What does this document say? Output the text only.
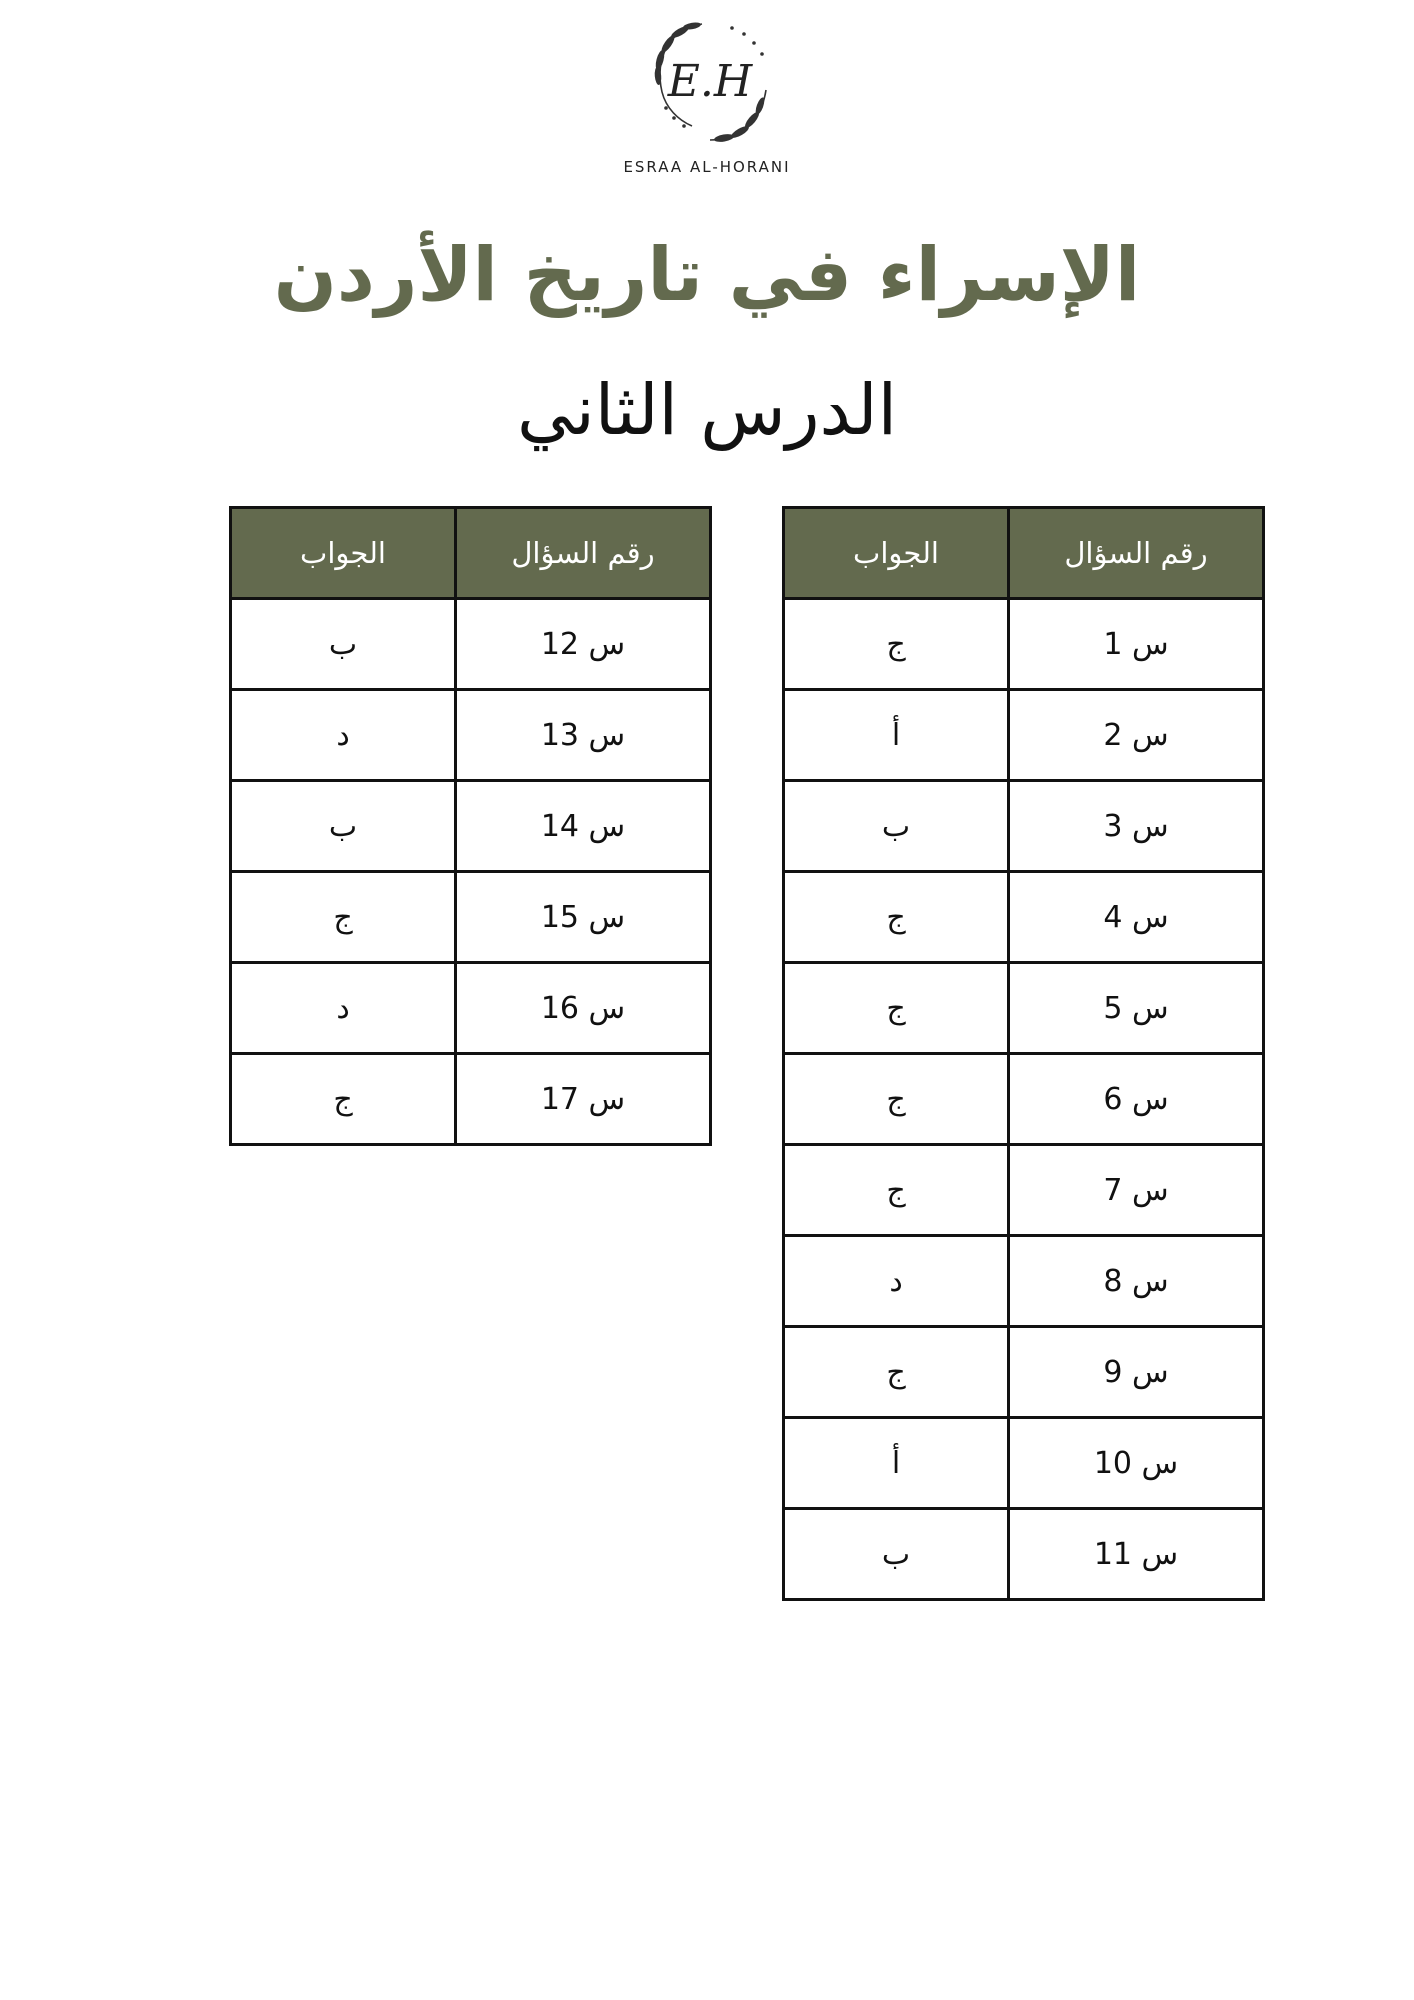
E.H
ESRAA AL-HORANI
الإسراء في تاريخ الأردن
الدرس الثاني
رقم السؤال	الجواب
س 1	ج
س 2	أ
س 3	ب
س 4	ج
س 5	ج
س 6	ج
س 7	ج
س 8	د
س 9	ج
س 10	أ
س 11	ب
رقم السؤال	الجواب
س 12	ب
س 13	د
س 14	ب
س 15	ج
س 16	د
س 17	ج
